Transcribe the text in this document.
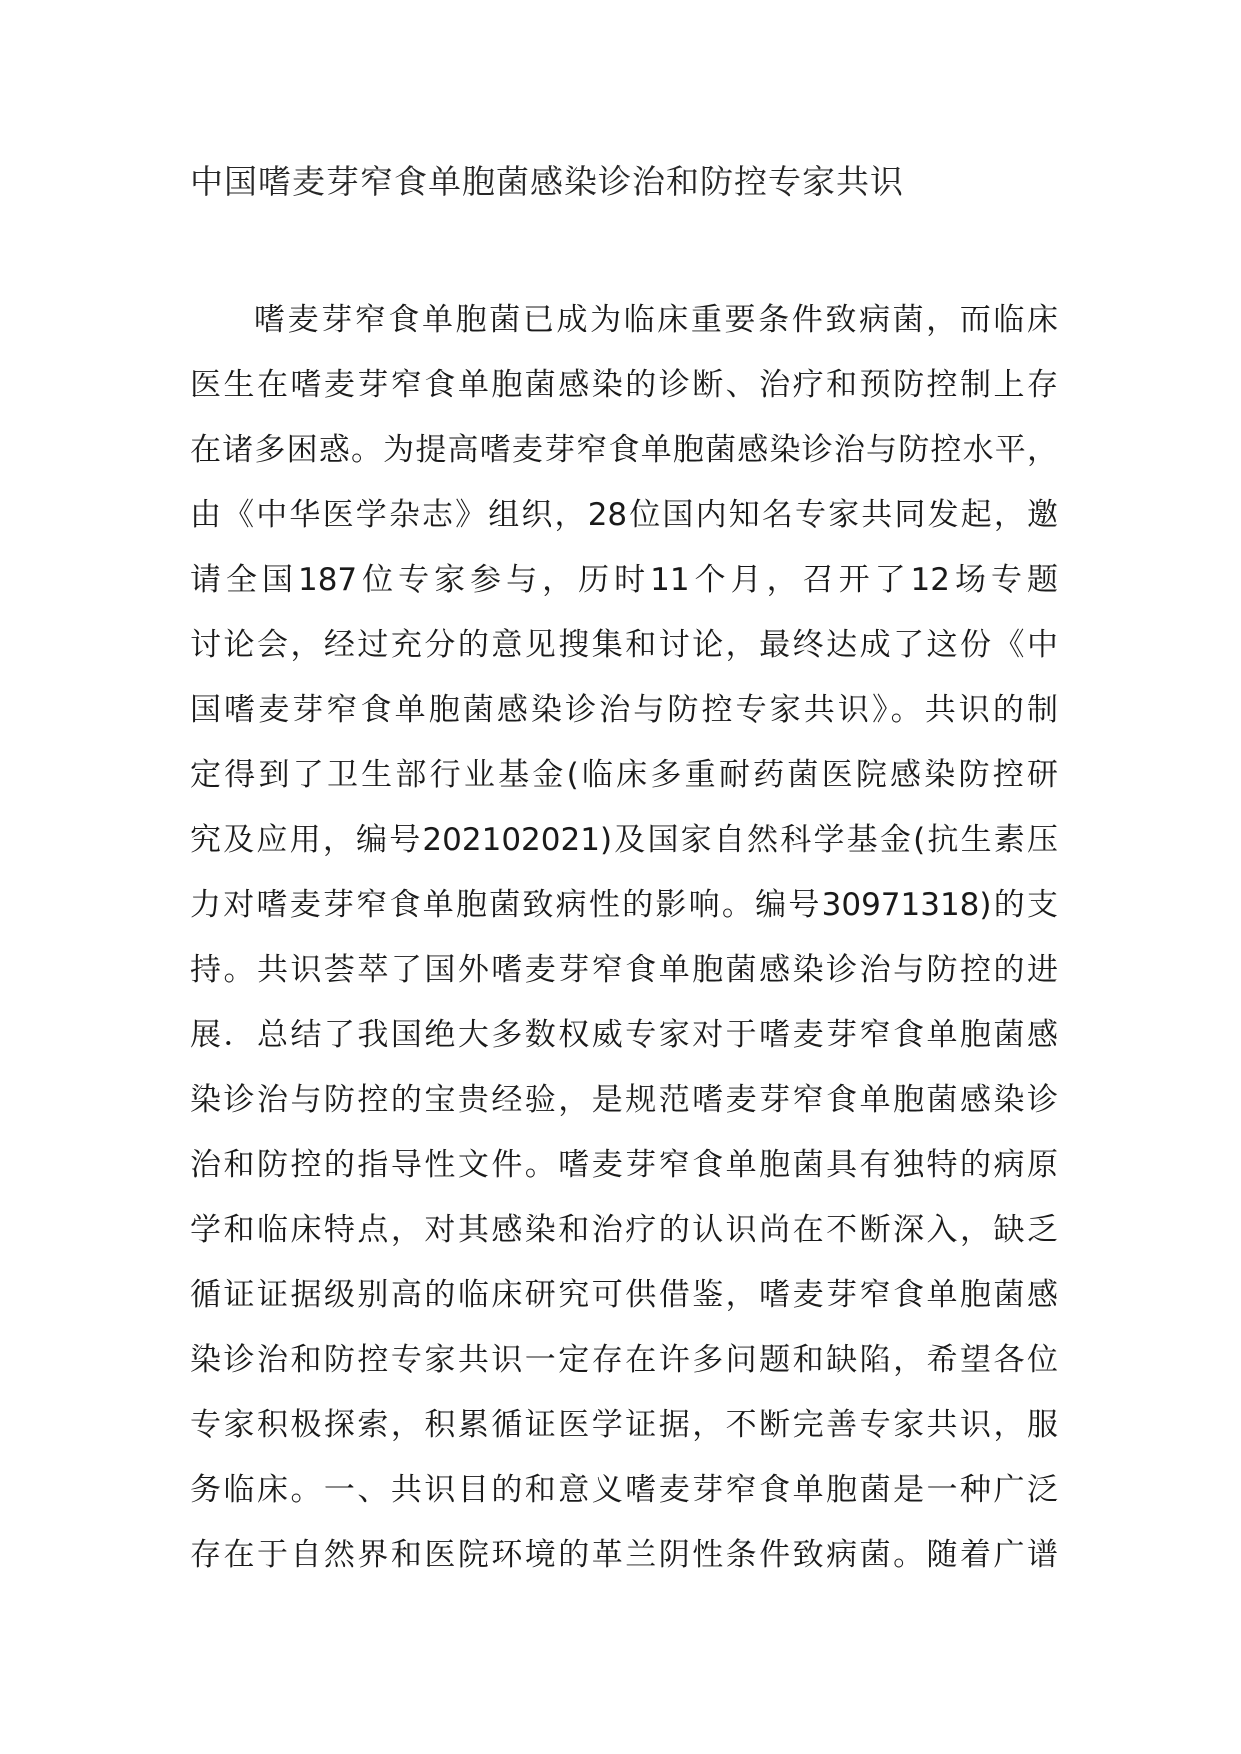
中国嗜麦芽窄食单胞菌感染诊治和防控专家共识
嗜麦芽窄食单胞菌已成为临床重要条件致病菌，而临床
医生在嗜麦芽窄食单胞菌感染的诊断、治疗和预防控制上存
在诸多困惑。为提高嗜麦芽窄食单胞菌感染诊治与防控水平，
由《中华医学杂志》组织，28位国内知名专家共同发起，邀
请全国187位专家参与，历时11个月，召开了12场专题
讨论会，经过充分的意见搜集和讨论，最终达成了这份《中
国嗜麦芽窄食单胞菌感染诊治与防控专家共识》。共识的制
定得到了卫生部行业基金(临床多重耐药菌医院感染防控研
究及应用，编号202102021)及国家自然科学基金(抗生素压
力对嗜麦芽窄食单胞菌致病性的影响。编号30971318)的支
持。共识荟萃了国外嗜麦芽窄食单胞菌感染诊治与防控的进
展．总结了我国绝大多数权威专家对于嗜麦芽窄食单胞菌感
染诊治与防控的宝贵经验，是规范嗜麦芽窄食单胞菌感染诊
治和防控的指导性文件。嗜麦芽窄食单胞菌具有独特的病原
学和临床特点，对其感染和治疗的认识尚在不断深入，缺乏
循证证据级别高的临床研究可供借鉴，嗜麦芽窄食单胞菌感
染诊治和防控专家共识一定存在许多问题和缺陷，希望各位
专家积极探索，积累循证医学证据，不断完善专家共识，服
务临床。一、共识目的和意义嗜麦芽窄食单胞菌是一种广泛
存在于自然界和医院环境的革兰阴性条件致病菌。随着广谱
